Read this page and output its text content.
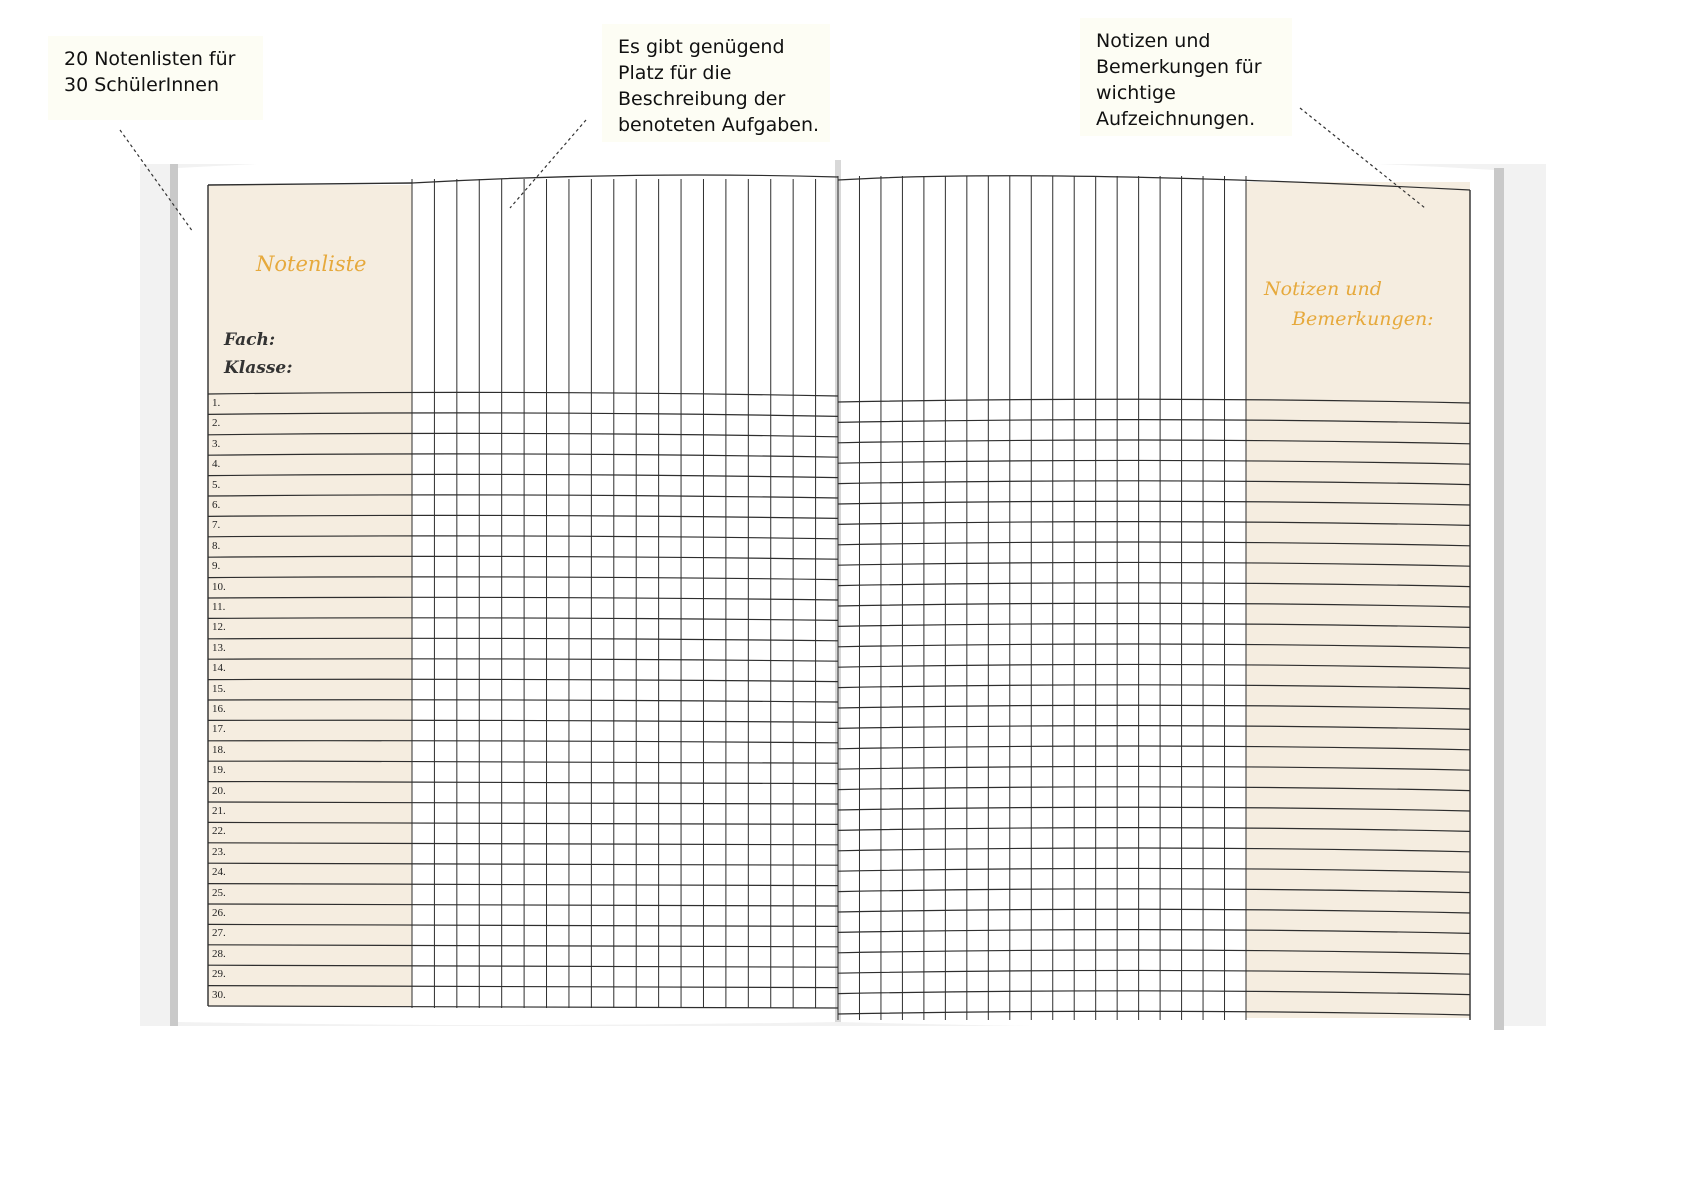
20 Notenlisten für
30 SchülerInnen
Es gibt genügend
Platz für die
Beschreibung der
benoteten Aufgaben.
Notizen und
Bemerkungen für
wichtige
Aufzeichnungen.
Notenliste
Fach:
Klasse:
Notizen und
Bemerkungen:
1.
2.
3.
4.
5.
6.
7.
8.
9.
10.
11.
12.
13.
14.
15.
16.
17.
18.
19.
20.
21.
22.
23.
24.
25.
26.
27.
28.
29.
30.
